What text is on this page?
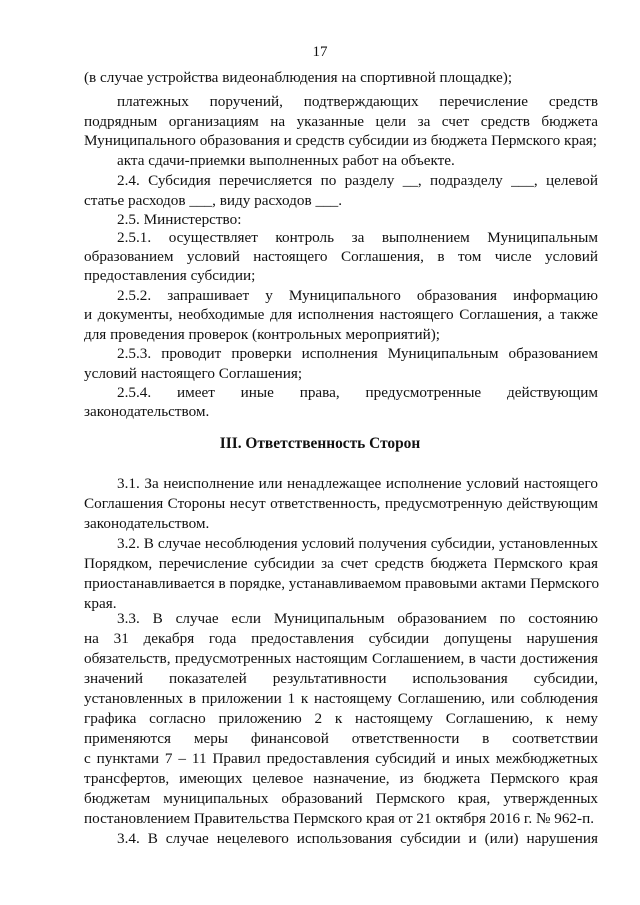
17
(в случае устройства видеонаблюдения на спортивной площадке);
платежных поручений, подтверждающих перечисление средств
подрядным организациям на указанные цели за счет средств бюджета
Муниципального образования и средств субсидии из бюджета Пермского края;
акта сдачи-приемки выполненных работ на объекте.
2.4. Субсидия перечисляется по разделу __, подразделу ___, целевой
статье расходов ___, виду расходов ___.
2.5. Министерство:
2.5.1. осуществляет контроль за выполнением Муниципальным
образованием условий настоящего Соглашения, в том числе условий
предоставления субсидии;
2.5.2. запрашивает у Муниципального образования информацию
и документы, необходимые для исполнения настоящего Соглашения, а также
для проведения проверок (контрольных мероприятий);
2.5.3. проводит проверки исполнения Муниципальным образованием
условий настоящего Соглашения;
2.5.4. имеет иные права, предусмотренные действующим
законодательством.
III. Ответственность Сторон
3.1. За неисполнение или ненадлежащее исполнение условий настоящего
Соглашения Стороны несут ответственность, предусмотренную действующим
законодательством.
3.2. В случае несоблюдения условий получения субсидии, установленных
Порядком, перечисление субсидии за счет средств бюджета Пермского края
приостанавливается в порядке, устанавливаемом правовыми актами Пермского
края.
3.3. В случае если Муниципальным образованием по состоянию
на 31 декабря года предоставления субсидии допущены нарушения
обязательств, предусмотренных настоящим Соглашением, в части достижения
значений показателей результативности использования субсидии,
установленных в приложении 1 к настоящему Соглашению, или соблюдения
графика согласно приложению 2 к настоящему Соглашению, к нему
применяются меры финансовой ответственности в соответствии
с пунктами 7 – 11 Правил предоставления субсидий и иных межбюджетных
трансфертов, имеющих целевое назначение, из бюджета Пермского края
бюджетам муниципальных образований Пермского края, утвержденных
постановлением Правительства Пермского края от 21 октября 2016 г. № 962-п.
3.4. В случае нецелевого использования субсидии и (или) нарушения
